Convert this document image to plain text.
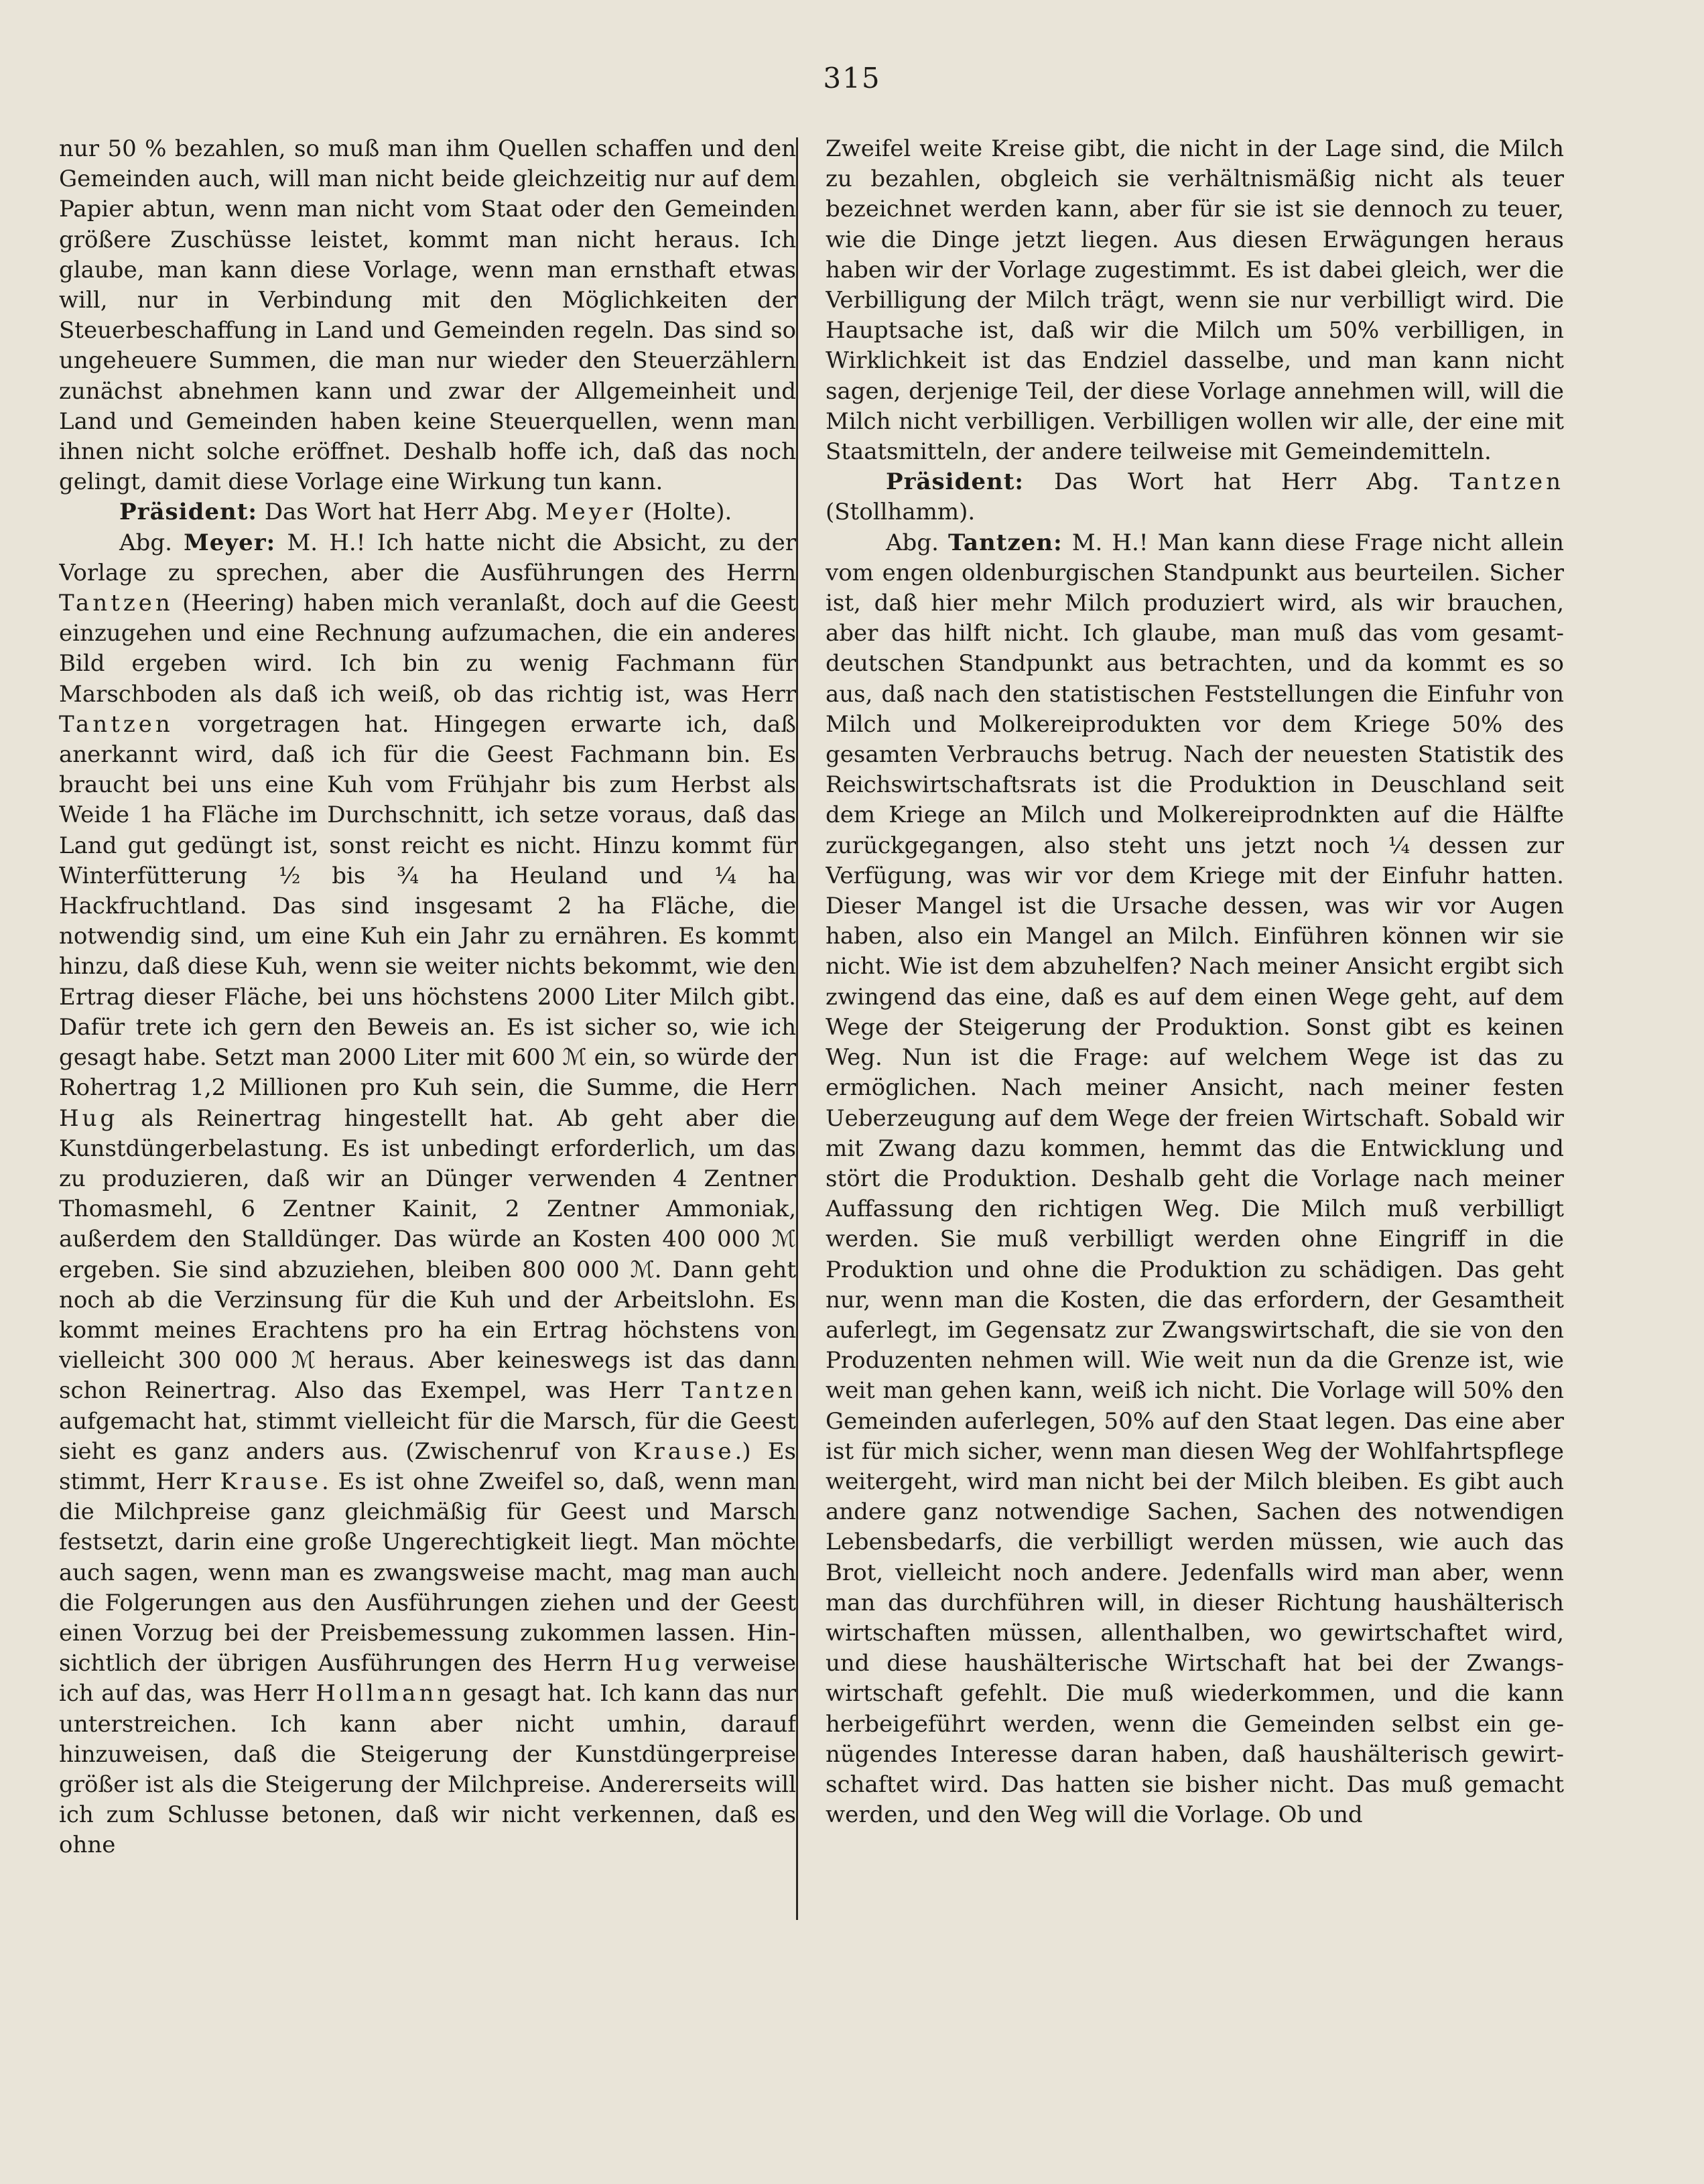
315

nur 50 % bezahlen, so muß man ihm Quellen schaffen und den Gemeinden auch, will man nicht beide gleichzeitig nur auf dem Papier abtun, wenn man nicht vom Staat oder den Gemeinden größere Zuschüsse leistet, kommt man nicht heraus. Ich glaube, man kann diese Vorlage, wenn man ernsthaft etwas will, nur in Verbindung mit den Möglichkeiten der Steuerbeschaffung in Land und Gemeinden regeln. Das sind so ungeheuere Summen, die man nur wieder den Steuerzählern zunächst abnehmen kann und zwar der Allgemeinheit und Land und Gemeinden haben keine Steuerquellen, wenn man ihnen nicht solche eröffnet. Deshalb hoffe ich, daß das noch gelingt, damit diese Vorlage eine Wirkung tun kann.

Präsident: Das Wort hat Herr Abg. Meyer (Holte).

Abg. Meyer: M. H.! Ich hatte nicht die Absicht, zu der Vorlage zu sprechen, aber die Ausführungen des Herrn Tantzen (Heering) haben mich veranlaßt, doch auf die Geest einzugehen und eine Rechnung aufzumachen, die ein anderes Bild ergeben wird. Ich bin zu wenig Fachmann für Marschboden als daß ich weiß, ob das richtig ist, was Herr Tantzen vorgetragen hat. Hingegen erwarte ich, daß anerkannt wird, daß ich für die Geest Fachmann bin. Es braucht bei uns eine Kuh vom Frühjahr bis zum Herbst als Weide 1 ha Fläche im Durchschnitt, ich setze voraus, daß das Land gut gedüngt ist, sonst reicht es nicht. Hinzu kommt für Winterfütterung ½ bis ¾ ha Heuland und ¼ ha Hackfruchtland. Das sind insgesamt 2 ha Fläche, die notwendig sind, um eine Kuh ein Jahr zu ernähren. Es kommt hinzu, daß diese Kuh, wenn sie weiter nichts bekommt, wie den Ertrag dieser Fläche, bei uns höchstens 2000 Liter Milch gibt. Dafür trete ich gern den Beweis an. Es ist sicher so, wie ich gesagt habe. Setzt man 2000 Liter mit 600 ℳ ein, so würde der Rohertrag 1,2 Millionen pro Kuh sein, die Summe, die Herr Hug als Reinertrag hingestellt hat. Ab geht aber die Kunstdüngerbelastung. Es ist unbedingt erforderlich, um das zu produzieren, daß wir an Dünger verwenden 4 Zentner Thomasmehl, 6 Zentner Kainit, 2 Zentner Ammoniak, außerdem den Stalldünger. Das würde an Kosten 400 000 ℳ ergeben. Sie sind abzuziehen, bleiben 800 000 ℳ. Dann geht noch ab die Verzinsung für die Kuh und der Arbeitslohn. Es kommt meines Erachtens pro ha ein Ertrag höchstens von vielleicht 300 000 ℳ heraus. Aber keineswegs ist das dann schon Reinertrag. Also das Exempel, was Herr Tantzen aufgemacht hat, stimmt vielleicht für die Marsch, für die Geest sieht es ganz anders aus. (Zwischenruf von Krause.) Es stimmt, Herr Krause. Es ist ohne Zweifel so, daß, wenn man die Milchpreise ganz gleichmäßig für Geest und Marsch festsetzt, darin eine große Ungerechtigkeit liegt. Man möchte auch sagen, wenn man es zwangsweise macht, mag man auch die Folgerungen aus den Ausführungen ziehen und der Geest einen Vorzug bei der Preisbemessung zukommen lassen. Hinsichtlich der übrigen Ausführungen des Herrn Hug verweise ich auf das, was Herr Hollmann gesagt hat. Ich kann das nur unterstreichen. Ich kann aber nicht umhin, darauf hinzuweisen, daß die Steigerung der Kunstdüngerpreise größer ist als die Steigerung der Milchpreise. Andererseits will ich zum Schlusse betonen, daß wir nicht verkennen, daß es ohne

Zweifel weite Kreise gibt, die nicht in der Lage sind, die Milch zu bezahlen, obgleich sie verhältnismäßig nicht als teuer bezeichnet werden kann, aber für sie ist sie dennoch zu teuer, wie die Dinge jetzt liegen. Aus diesen Erwägungen heraus haben wir der Vorlage zugestimmt. Es ist dabei gleich, wer die Verbilligung der Milch trägt, wenn sie nur verbilligt wird. Die Hauptsache ist, daß wir die Milch um 50% verbilligen, in Wirklichkeit ist das Endziel dasselbe, und man kann nicht sagen, derjenige Teil, der diese Vorlage annehmen will, will die Milch nicht verbilligen. Verbilligen wollen wir alle, der eine mit Staatsmitteln, der andere teilweise mit Gemeindemitteln.

Präsident: Das Wort hat Herr Abg. Tantzen (Stollhamm).

Abg. Tantzen: M. H.! Man kann diese Frage nicht allein vom engen oldenburgischen Standpunkt aus beurteilen. Sicher ist, daß hier mehr Milch produziert wird, als wir brauchen, aber das hilft nicht. Ich glaube, man muß das vom gesamt-deutschen Standpunkt aus betrachten, und da kommt es so aus, daß nach den statistischen Feststellungen die Einfuhr von Milch und Molkereiprodukten vor dem Kriege 50% des gesamten Verbrauchs betrug. Nach der neuesten Statistik des Reichswirtschaftsrats ist die Produktion in Deuschland seit dem Kriege an Milch und Molkereiprodnkten auf die Hälfte zurückgegangen, also steht uns jetzt noch ¼ dessen zur Verfügung, was wir vor dem Kriege mit der Einfuhr hatten. Dieser Mangel ist die Ursache dessen, was wir vor Augen haben, also ein Mangel an Milch. Einführen können wir sie nicht. Wie ist dem abzuhelfen? Nach meiner Ansicht ergibt sich zwingend das eine, daß es auf dem einen Wege geht, auf dem Wege der Steigerung der Produktion. Sonst gibt es keinen Weg. Nun ist die Frage: auf welchem Wege ist das zu ermöglichen. Nach meiner Ansicht, nach meiner festen Ueberzeugung auf dem Wege der freien Wirtschaft. Sobald wir mit Zwang dazu kommen, hemmt das die Entwicklung und stört die Produktion. Deshalb geht die Vorlage nach meiner Auffassung den richtigen Weg. Die Milch muß verbilligt werden. Sie muß verbilligt werden ohne Eingriff in die Produktion und ohne die Produktion zu schädigen. Das geht nur, wenn man die Kosten, die das erfordern, der Gesamtheit auferlegt, im Gegensatz zur Zwangswirtschaft, die sie von den Produzenten nehmen will. Wie weit nun da die Grenze ist, wie weit man gehen kann, weiß ich nicht. Die Vorlage will 50% den Gemeinden auferlegen, 50% auf den Staat legen. Das eine aber ist für mich sicher, wenn man diesen Weg der Wohlfahrtspflege weitergeht, wird man nicht bei der Milch bleiben. Es gibt auch andere ganz notwendige Sachen, Sachen des notwendigen Lebensbedarfs, die verbilligt werden müssen, wie auch das Brot, vielleicht noch andere. Jedenfalls wird man aber, wenn man das durchführen will, in dieser Richtung haushälterisch wirtschaften müssen, allenthalben, wo gewirtschaftet wird, und diese haushälterische Wirtschaft hat bei der Zwangswirtschaft gefehlt. Die muß wiederkommen, und die kann herbeigeführt werden, wenn die Gemeinden selbst ein genügendes Interesse daran haben, daß haushälterisch gewirtschaftet wird. Das hatten sie bisher nicht. Das muß gemacht werden, und den Weg will die Vorlage. Ob und
